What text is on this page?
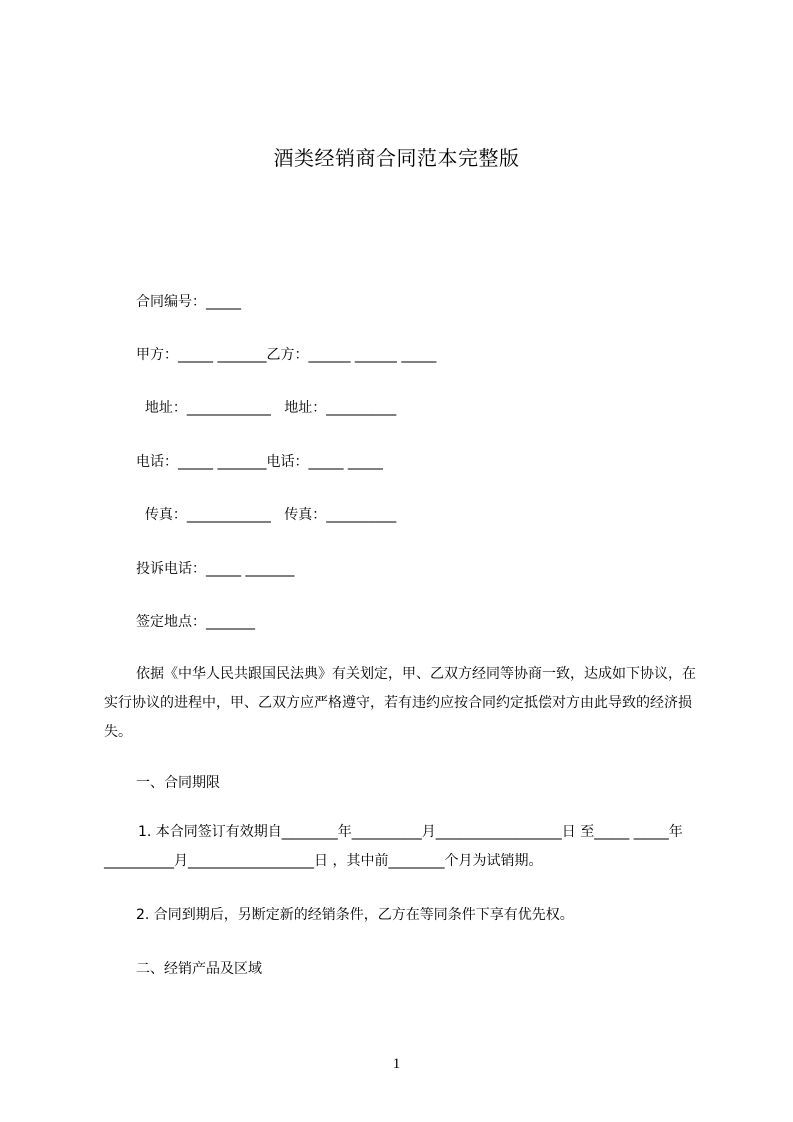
酒类经销商合同范本完整版
合同编号：_____
甲方：_____ _______乙方：______ ______ _____
地址：____________   地址：__________
电话：_____ _______电话：_____ _____
传真：____________   传真：__________
投诉电话：_____ _______
签定地点：_______
依据《中华人民共跟国民法典》有关划定，甲、乙双方经同等协商一致，达成如下协议，在实行协议的进程中，甲、乙双方应严格遵守，若有违约应按合同约定抵偿对方由此导致的经济损失。
一、合同期限
1. 本合同签订有效期自________年__________月__________________日 至_____ _____年__________月__________________日 ，其中前________个月为试销期。
2. 合同到期后，另断定新的经销条件，乙方在等同条件下享有优先权。
二、经销产品及区域
1
